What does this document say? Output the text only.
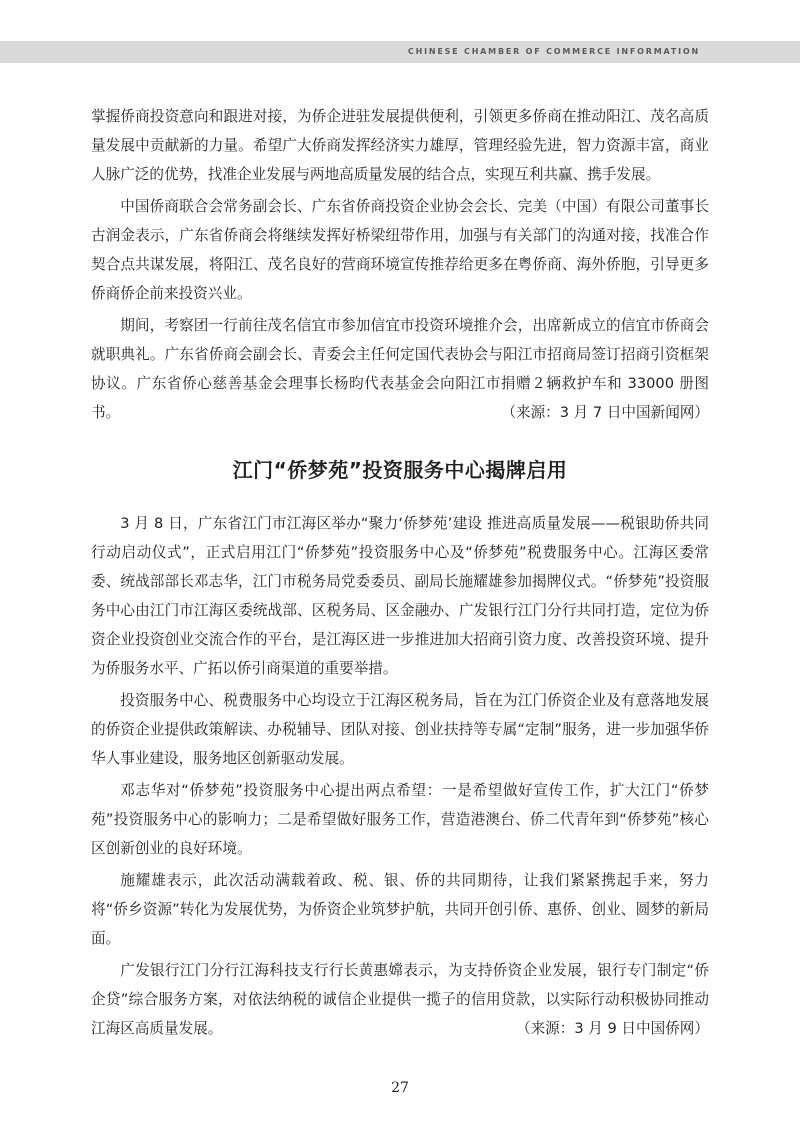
CHINESE CHAMBER OF COMMERCE INFORMATION

掌握侨商投资意向和跟进对接，为侨企进驻发展提供便利，引领更多侨商在推动阳江、茂名高质量发展中贡献新的力量。希望广大侨商发挥经济实力雄厚，管理经验先进，智力资源丰富，商业人脉广泛的优势，找准企业发展与两地高质量发展的结合点，实现互利共赢、携手发展。

中国侨商联合会常务副会长、广东省侨商投资企业协会会长、完美（中国）有限公司董事长古润金表示，广东省侨商会将继续发挥好桥梁纽带作用，加强与有关部门的沟通对接，找准合作契合点共谋发展，将阳江、茂名良好的营商环境宣传推荐给更多在粤侨商、海外侨胞，引导更多侨商侨企前来投资兴业。

期间，考察团一行前往茂名信宜市参加信宜市投资环境推介会，出席新成立的信宜市侨商会就职典礼。广东省侨商会副会长、青委会主任何定国代表协会与阳江市招商局签订招商引资框架协议。广东省侨心慈善基金会理事长杨昀代表基金会向阳江市捐赠２辆救护车和 33000 册图书。	（来源：3 月 7 日中国新闻网）
江门“侨梦苑”投资服务中心揭牌启用

3 月 8 日，广东省江门市江海区举办“聚力‘侨梦苑’建设 推进高质量发展——税银助侨共同行动启动仪式”，正式启用江门“侨梦苑”投资服务中心及“侨梦苑”税费服务中心。江海区委常委、统战部部长邓志华，江门市税务局党委委员、副局长施耀雄参加揭牌仪式。“侨梦苑”投资服务中心由江门市江海区委统战部、区税务局、区金融办、广发银行江门分行共同打造，定位为侨资企业投资创业交流合作的平台，是江海区进一步推进加大招商引资力度、改善投资环境、提升为侨服务水平、广拓以侨引商渠道的重要举措。

投资服务中心、税费服务中心均设立于江海区税务局，旨在为江门侨资企业及有意落地发展的侨资企业提供政策解读、办税辅导、团队对接、创业扶持等专属“定制”服务，进一步加强华侨华人事业建设，服务地区创新驱动发展。

邓志华对“侨梦苑”投资服务中心提出两点希望：一是希望做好宣传工作，扩大江门“侨梦苑”投资服务中心的影响力；二是希望做好服务工作，营造港澳台、侨二代青年到“侨梦苑”核心区创新创业的良好环境。

施耀雄表示，此次活动满载着政、税、银、侨的共同期待，让我们紧紧携起手来，努力将“侨乡资源”转化为发展优势，为侨资企业筑梦护航，共同开创引侨、惠侨、创业、圆梦的新局面。

广发银行江门分行江海科技支行行长黄惠嫦表示，为支持侨资企业发展，银行专门制定“侨企贷”综合服务方案，对依法纳税的诚信企业提供一揽子的信用贷款，以实际行动积极协同推动江海区高质量发展。	（来源：3 月 9 日中国侨网）
27
